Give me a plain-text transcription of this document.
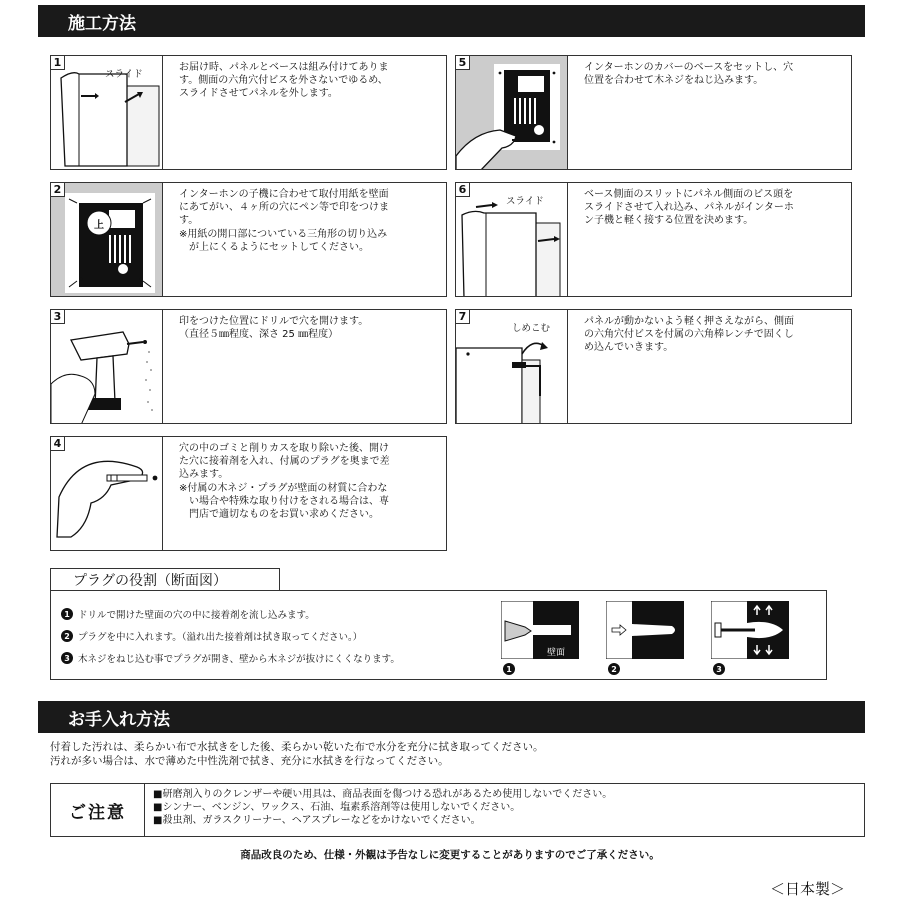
施工方法
1
スライド
お届け時、パネルとベースは組み付けてありま
す。側面の六角穴付ビスを外さないでゆるめ、
スライドさせてパネルを外します。
2
上
インターホンの子機に合わせて取付用紙を壁面
にあてがい、４ヶ所の穴にペン等で印をつけま
す。
※用紙の開口部についている三角形の切り込み
　が上にくるようにセットしてください。
3	印をつけた位置にドリルで穴を開けます。
（直径５㎜程度、深さ 25 ㎜程度）
4	穴の中のゴミと削りカスを取り除いた後、開け
た穴に接着剤を入れ、付属のプラグを奥まで差
込みます。
※付属の木ネジ・プラグが壁面の材質に合わな
　い場合や特殊な取り付けをされる場合は、専
　門店で適切なものをお買い求めください。
5	インターホンのカバーのベースをセットし、穴
位置を合わせて木ネジをねじ込みます。
6
スライド
ベース側面のスリットにパネル側面のビス頭を
スライドさせて入れ込み、パネルがインターホ
ン子機と軽く接する位置を決めます。
7
しめこむ
パネルが動かないよう軽く押さえながら、側面
の六角穴付ビスを付属の六角棒レンチで固くし
め込んでいきます。
プラグの役割（断面図）
1 ドリルで開けた壁面の穴の中に接着剤を流し込みます。
2 プラグを中に入れます。（溢れ出た接着剤は拭き取ってください。）
3 木ネジをねじ込む事でプラグが開き、壁から木ネジが抜けにくくなります。
壁面
1	2	3
お手入れ方法
付着した汚れは、柔らかい布で水拭きをした後、柔らかい乾いた布で水分を充分に拭き取ってください。
汚れが多い場合は、水で薄めた中性洗剤で拭き、充分に水拭きを行なってください。
ご注意
■研磨剤入りのクレンザーや硬い用具は、商品表面を傷つける恐れがあるため使用しないでください。
■シンナー、ベンジン、ワックス、石油、塩素系溶剤等は使用しないでください。
■殺虫剤、ガラスクリーナー、ヘアスプレーなどをかけないでください。
商品改良のため、仕様・外観は予告なしに変更することがありますのでご了承ください。
＜日本製＞
